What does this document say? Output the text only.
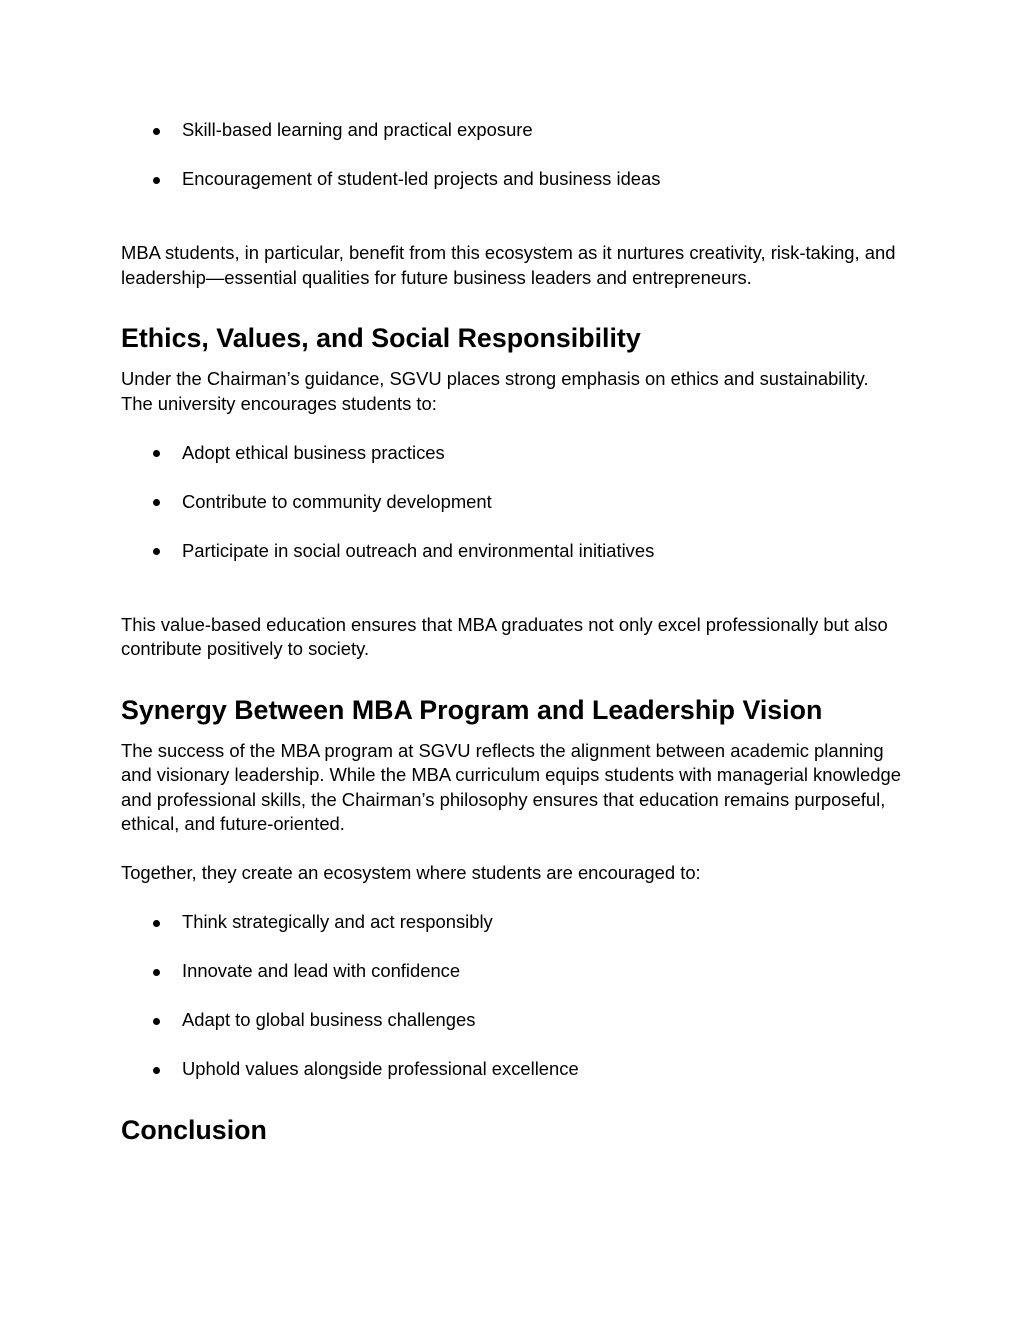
Skill-based learning and practical exposure
Encouragement of student-led projects and business ideas

MBA students, in particular, benefit from this ecosystem as it nurtures creativity, risk-taking, and leadership—essential qualities for future business leaders and entrepreneurs.

Ethics, Values, and Social Responsibility

Under the Chairman’s guidance, SGVU places strong emphasis on ethics and sustainability. The university encourages students to:

Adopt ethical business practices
Contribute to community development
Participate in social outreach and environmental initiatives

This value-based education ensures that MBA graduates not only excel professionally but also contribute positively to society.

Synergy Between MBA Program and Leadership Vision

The success of the MBA program at SGVU reflects the alignment between academic planning and visionary leadership. While the MBA curriculum equips students with managerial knowledge and professional skills, the Chairman’s philosophy ensures that education remains purposeful, ethical, and future-oriented.

Together, they create an ecosystem where students are encouraged to:

Think strategically and act responsibly
Innovate and lead with confidence
Adapt to global business challenges
Uphold values alongside professional excellence
Conclusion
